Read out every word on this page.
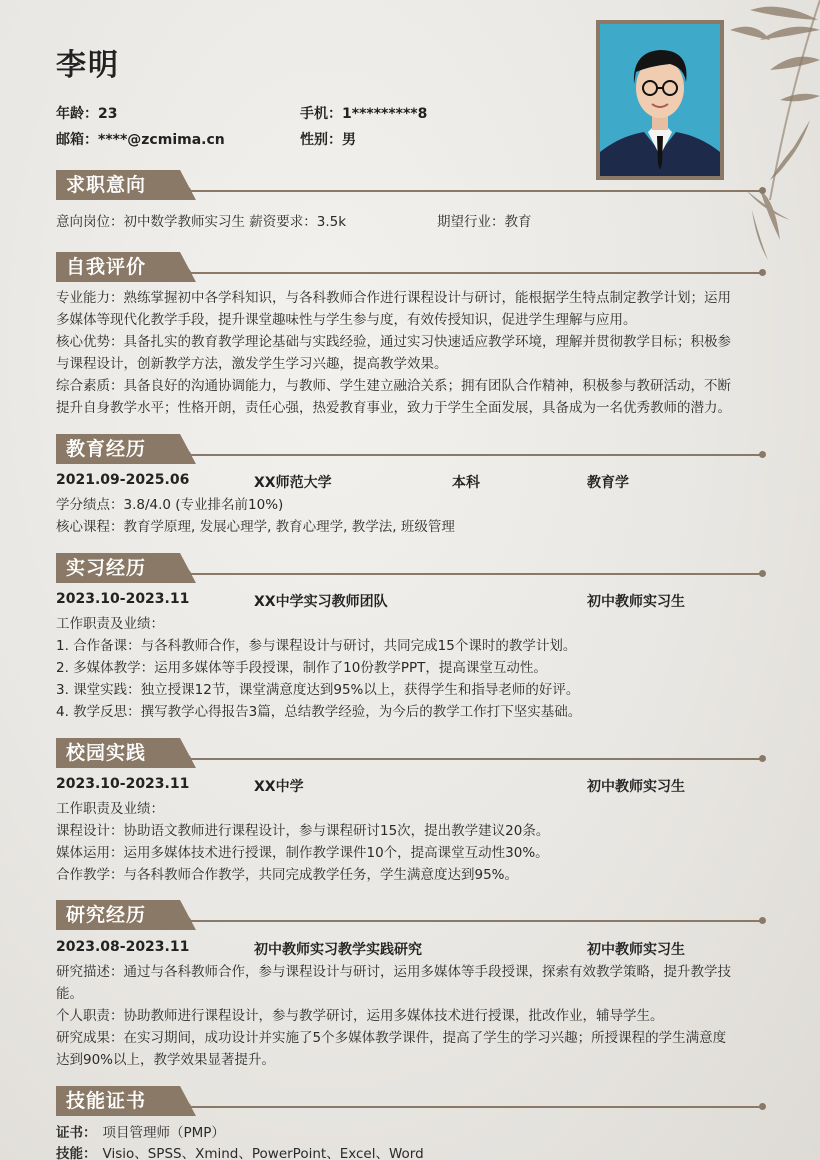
李明
年龄：23	手机：1*********8
邮箱：****@zcmima.cn	性别：男
求职意向
意向岗位：初中数学教师实习生 薪资要求：3.5k	期望行业：教育
自我评价
专业能力：熟练掌握初中各学科知识，与各科教师合作进行课程设计与研讨，能根据学生特点制定教学计划；运用
多媒体等现代化教学手段，提升课堂趣味性与学生参与度，有效传授知识，促进学生理解与应用。
核心优势：具备扎实的教育教学理论基础与实践经验，通过实习快速适应教学环境，理解并贯彻教学目标；积极参
与课程设计，创新教学方法，激发学生学习兴趣，提高教学效果。
综合素质：具备良好的沟通协调能力，与教师、学生建立融洽关系；拥有团队合作精神，积极参与教研活动，不断
提升自身教学水平；性格开朗，责任心强，热爱教育事业，致力于学生全面发展，具备成为一名优秀教师的潜力。
教育经历
2021.09-2025.06	XX师范大学	本科	教育学
学分绩点：3.8/4.0 (专业排名前10%)
核心课程：教育学原理, 发展心理学, 教育心理学, 教学法, 班级管理
实习经历
2023.10-2023.11	XX中学实习教师团队	初中教师实习生
工作职责及业绩：
1. 合作备课：与各科教师合作，参与课程设计与研讨，共同完成15个课时的教学计划。
2. 多媒体教学：运用多媒体等手段授课，制作了10份教学PPT，提高课堂互动性。
3. 课堂实践：独立授课12节，课堂满意度达到95%以上，获得学生和指导老师的好评。
4. 教学反思：撰写教学心得报告3篇，总结教学经验，为今后的教学工作打下坚实基础。
校园实践
2023.10-2023.11	XX中学	初中教师实习生
工作职责及业绩：
课程设计：协助语文教师进行课程设计，参与课程研讨15次，提出教学建议20条。
媒体运用：运用多媒体技术进行授课，制作教学课件10个，提高课堂互动性30%。
合作教学：与各科教师合作教学，共同完成教学任务，学生满意度达到95%。
研究经历
2023.08-2023.11	初中教师实习教学实践研究	初中教师实习生
研究描述：通过与各科教师合作，参与课程设计与研讨，运用多媒体等手段授课，探索有效教学策略，提升教学技
能。
个人职责：协助教师进行课程设计，参与教学研讨，运用多媒体技术进行授课，批改作业，辅导学生。
研究成果：在实习期间，成功设计并实施了5个多媒体教学课件，提高了学生的学习兴趣；所授课程的学生满意度
达到90%以上，教学效果显著提升。
技能证书
证书： 项目管理师（PMP）
技能： Visio、SPSS、Xmind、PowerPoint、Excel、Word
